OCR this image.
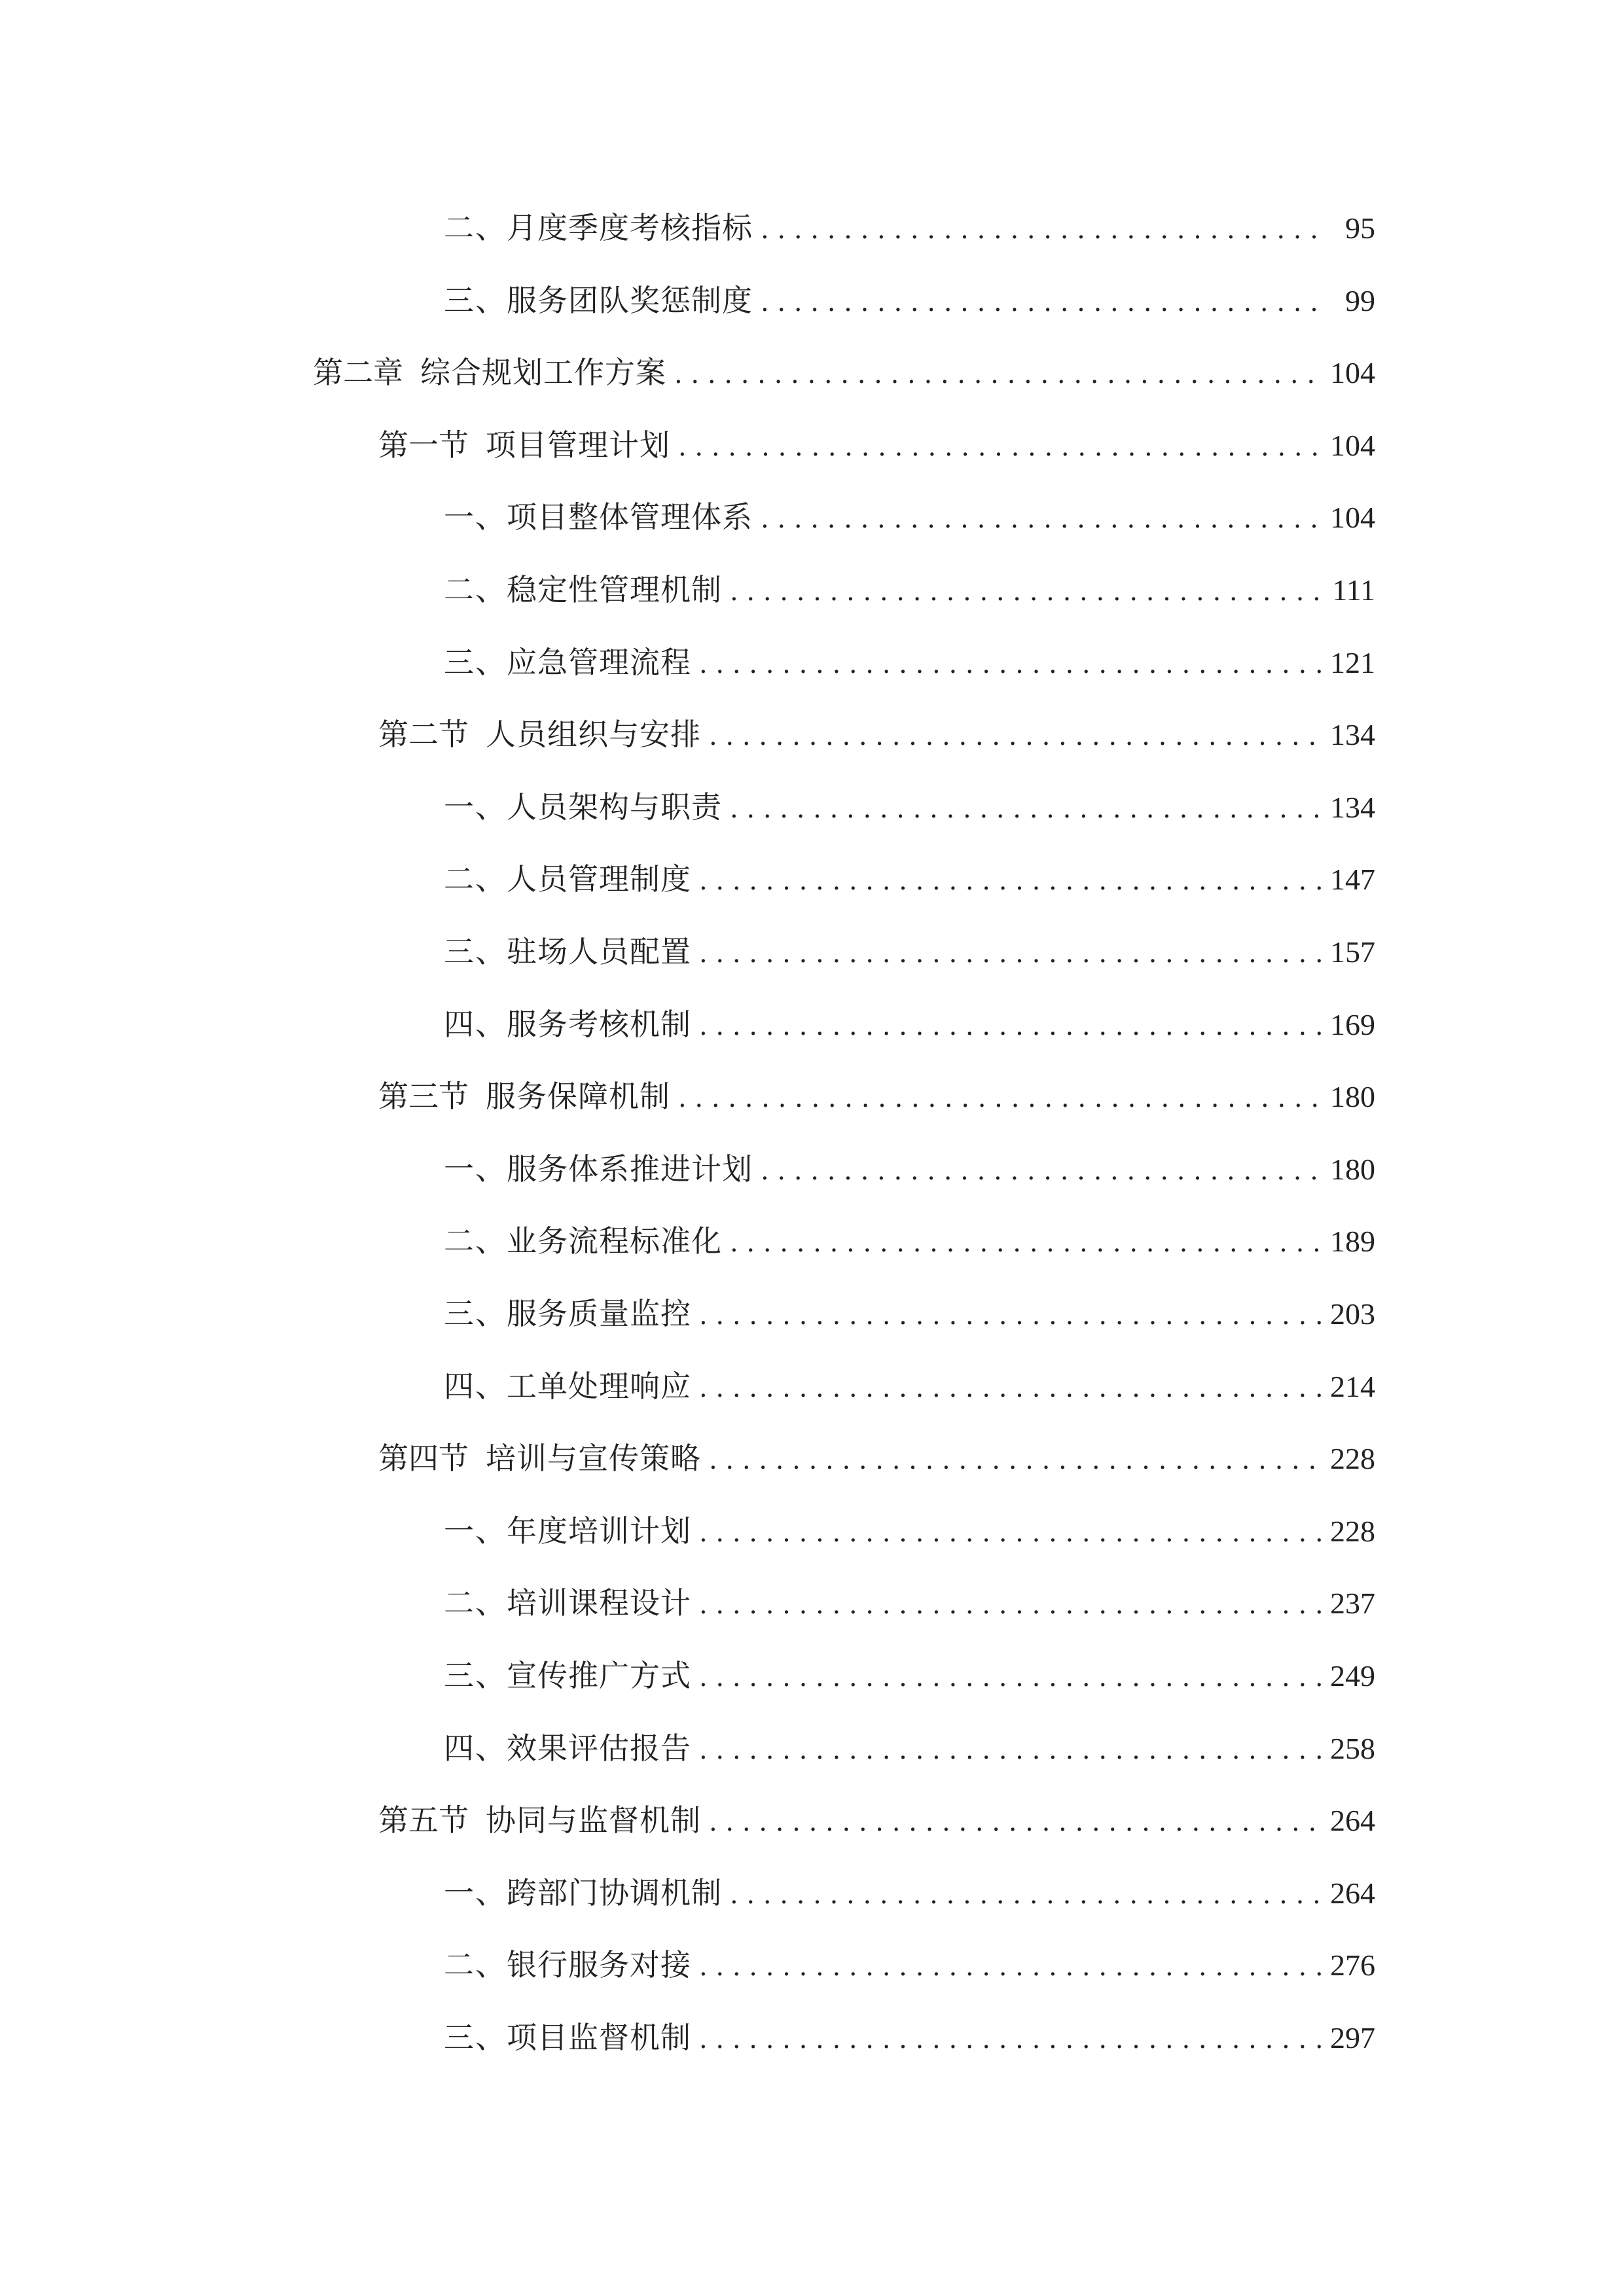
二、 月度季度考核指标 . . .	95
三、 服务团队奖惩制度 . . .	99
第二章 综合规划工作方案 . . .	104
第一节 项目管理计划 . . .	104
一、 项目整体管理体系 . . .	104
二、 稳定性管理机制 . . .	111
三、 应急管理流程 . . .	121
第二节 人员组织与安排 . . .	134
一、 人员架构与职责 . . .	134
二、 人员管理制度 . . .	147
三、 驻场人员配置 . . .	157
四、 服务考核机制 . . .	169
第三节 服务保障机制 . . .	180
一、 服务体系推进计划 . . .	180
二、 业务流程标准化 . . .	189
三、 服务质量监控 . . .	203
四、 工单处理响应 . . .	214
第四节 培训与宣传策略 . . .	228
一、 年度培训计划 . . .	228
二、 培训课程设计 . . .	237
三、 宣传推广方式 . . .	249
四、 效果评估报告 . . .	258
第五节 协同与监督机制 . . .	264
一、 跨部门协调机制 . . .	264
二、 银行服务对接 . . .	276
三、 项目监督机制 . . .	297
